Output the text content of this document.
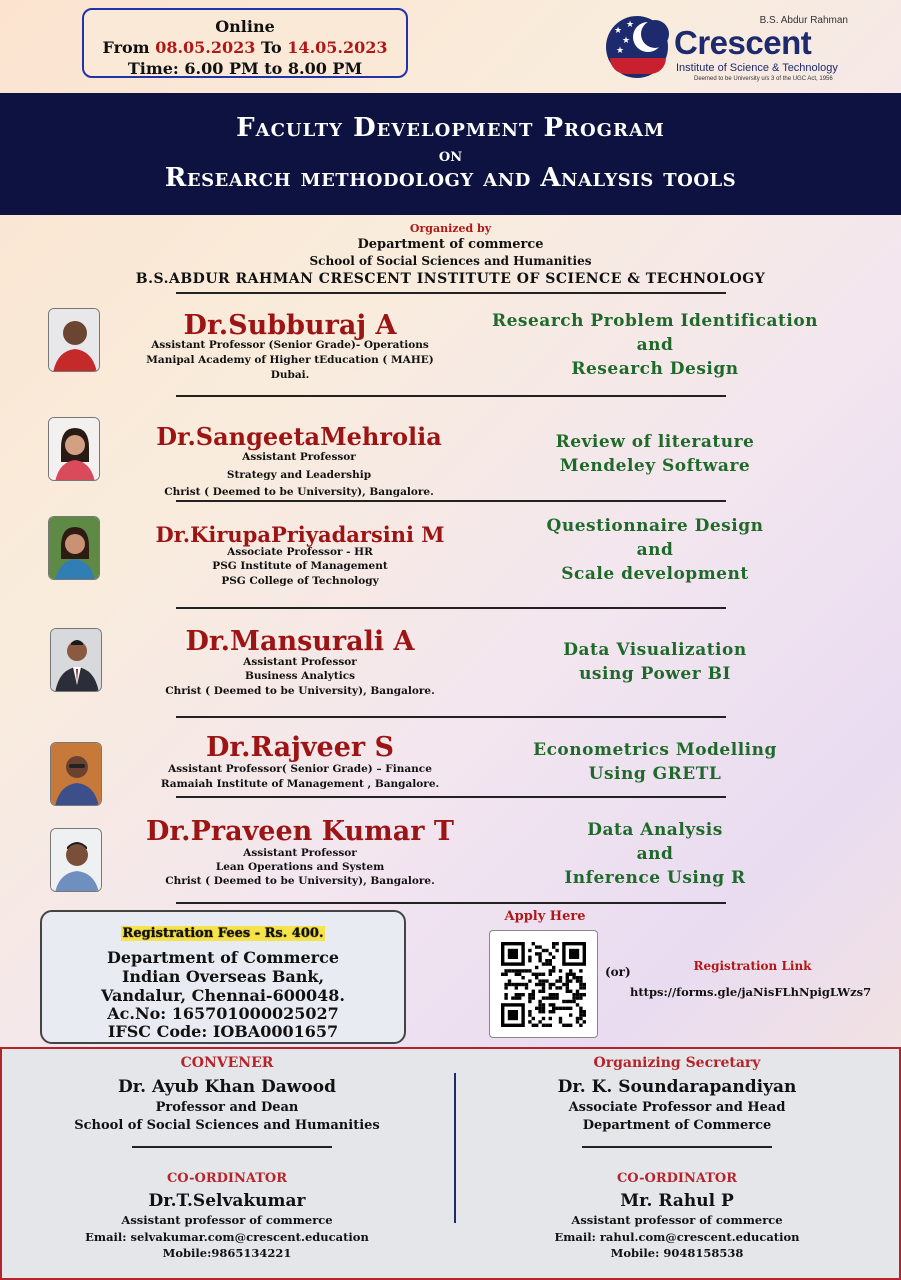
Online
From 08.05.2023 To 14.05.2023
Time: 6.00 PM to 8.00 PM
★
★
★
★	B.S. Abdur Rahman
Crescent
Institute of Science & Technology
Deemed to be University u/s 3 of the UGC Act, 1956
Faculty Development Program
on
Research methodology and Analysis tools
Organized by
Department of commerce
School of Social Sciences and Humanities
B.S.ABDUR RAHMAN CRESCENT INSTITUTE OF SCIENCE & TECHNOLOGY
Dr.Subburaj A
Assistant Professor (Senior Grade)- Operations
Manipal Academy of Higher tEducation ( MAHE)
Dubai.
Research Problem Identification
and
Research Design
Dr.SangeetaMehrolia
Assistant Professor
Strategy and Leadership
Christ ( Deemed to be University), Bangalore.
Review of literature
Mendeley Software
Dr.KirupaPriyadarsini M
Associate Professor - HR
PSG Institute of Management
PSG College of Technology
Questionnaire Design
and
Scale development
Dr.Mansurali A
Assistant Professor
Business Analytics
Christ ( Deemed to be University), Bangalore.
Data Visualization
using Power BI
Dr.Rajveer S
Assistant Professor( Senior Grade) – Finance
Ramaiah Institute of Management , Bangalore.
Econometrics Modelling
Using GRETL
Dr.Praveen Kumar T
Assistant Professor
Lean Operations and System
Christ ( Deemed to be University), Bangalore.
Data Analysis
and
Inference Using R
Registration Fees - Rs. 400.
Department of Commerce
Indian Overseas Bank,
Vandalur, Chennai-600048.
Ac.No: 165701000025027
IFSC Code: IOBA0001657
Apply Here
(or)	Registration Link
https://forms.gle/jaNisFLhNpigLWzs7
CONVENER
Dr. Ayub Khan Dawood
Professor and Dean
School of Social Sciences and Humanities
Organizing Secretary
Dr. K. Soundarapandiyan
Associate Professor and Head
Department of Commerce
CO-ORDINATOR
Dr.T.Selvakumar
Assistant professor of commerce
Email: selvakumar.com@crescent.education
Mobile:9865134221
CO-ORDINATOR
Mr. Rahul P
Assistant professor of commerce
Email: rahul.com@crescent.education
Mobile: 9048158538
